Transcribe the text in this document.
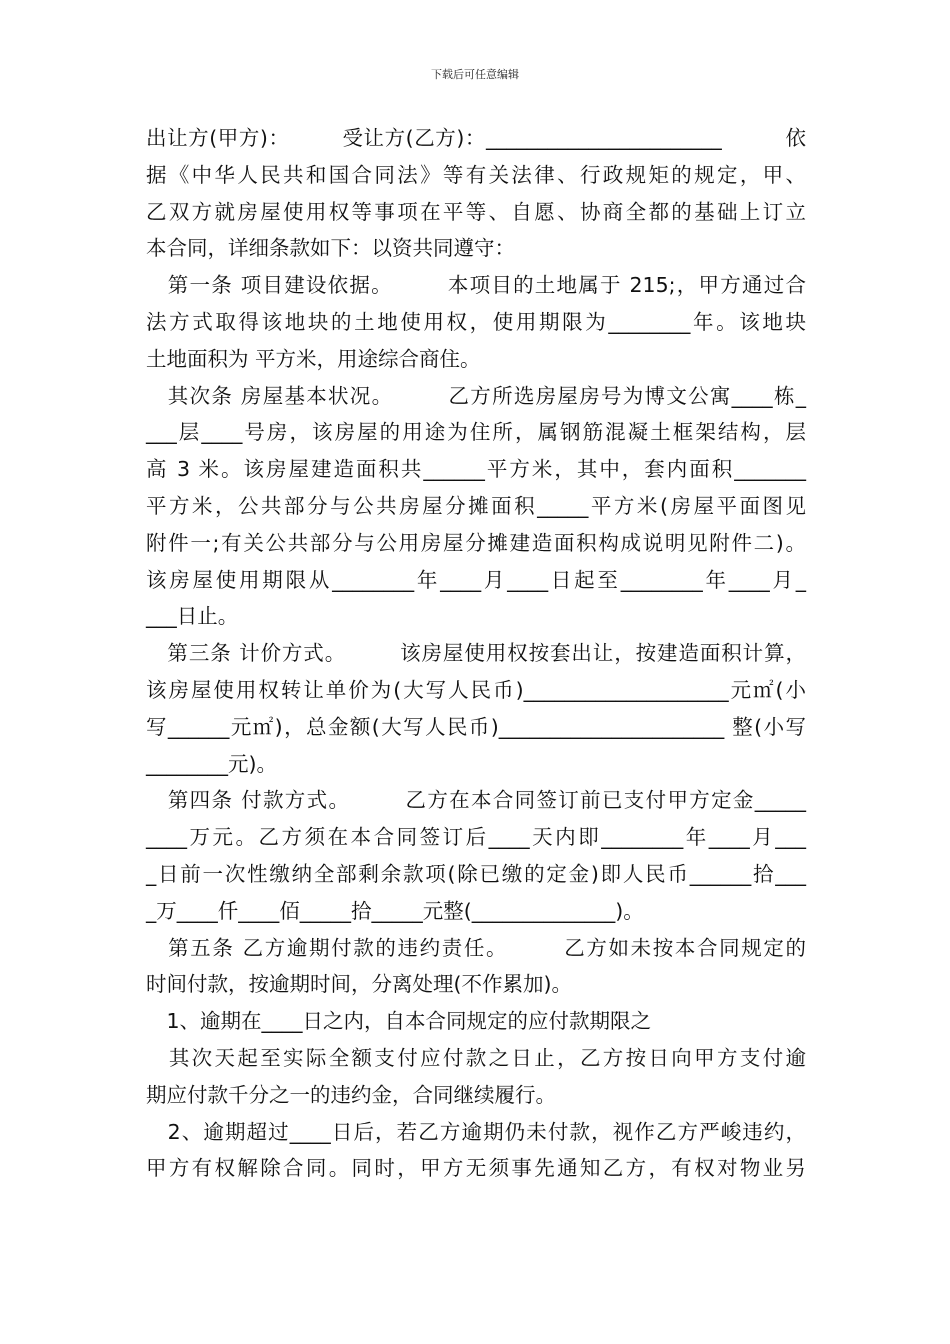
下载后可任意编辑
出让方(甲方)：　　　受让方(乙方)：_______________________　　　依
据《中华人民共和国合同法》等有关法律、行政规矩的规定，甲、
乙双方就房屋使用权等事项在平等、自愿、协商全都的基础上订立
本合同，详细条款如下：以资共同遵守：
　第一条 项目建设依据。　　　本项目的土地属于 215;，甲方通过合
法方式取得该地块的土地使用权，使用期限为________年。该地块
土地面积为 平方米，用途综合商住。
　其次条 房屋基本状况。　　　乙方所选房屋房号为博文公寓____栋_
___层____号房，该房屋的用途为住所，属钢筋混凝土框架结构，层
高 3 米。该房屋建造面积共______平方米，其中，套内面积_______
平方米，公共部分与公共房屋分摊面积_____平方米(房屋平面图见
附件一;有关公共部分与公用房屋分摊建造面积构成说明见附件二)。
该房屋使用期限从________年____月____日起至________年____月_
___日止。
　第三条 计价方式。　　　该房屋使用权按套出让，按建造面积计算，
该房屋使用权转让单价为(大写人民币)____________________元㎡(小
写______元㎡)，总金额(大写人民币)______________________ 整(小写
________元)。
　第四条 付款方式。　　　乙方在本合同签订前已支付甲方定金_____
____万元。乙方须在本合同签订后____天内即________年____月___
_日前一次性缴纳全部剩余款项(除已缴的定金)即人民币______拾___
_万____仟____佰_____拾_____元整(______________)。
　第五条 乙方逾期付款的违约责任。　　　乙方如未按本合同规定的
时间付款，按逾期时间，分离处理(不作累加)。
　1、逾期在____日之内，自本合同规定的应付款期限之
　其次天起至实际全额支付应付款之日止，乙方按日向甲方支付逾
期应付款千分之一的违约金，合同继续履行。
　2、逾期超过____日后，若乙方逾期仍未付款，视作乙方严峻违约，
甲方有权解除合同。同时，甲方无须事先通知乙方，有权对物业另
